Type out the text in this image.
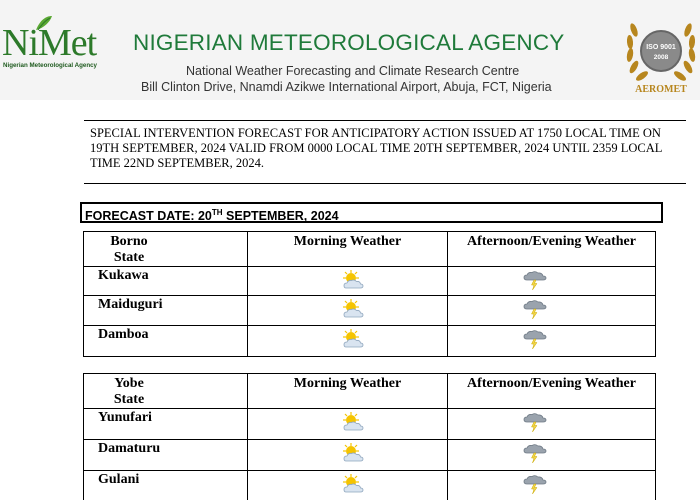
NiMet
Nigerian Meteorological Agency
NIGERIAN METEOROLOGICAL AGENCY
National Weather Forecasting and Climate Research Centre
Bill Clinton Drive, Nnamdi Azikwe International Airport, Abuja, FCT, Nigeria
ISO 9001
2008
AEROMET
SPECIAL INTERVENTION FORECAST FOR ANTICIPATORY ACTION ISSUED AT 1750 LOCAL TIME ON 19TH SEPTEMBER, 2024 VALID FROM 0000 LOCAL TIME 20TH SEPTEMBER, 2024 UNTIL 2359 LOCAL TIME 22ND SEPTEMBER, 2024.
FORECAST DATE: 20TH SEPTEMBER, 2024
Borno
State	Morning Weather	Afternoon/Evening Weather
Kukawa	

Maiduguri	

Damboa	

Yobe
State	Morning Weather	Afternoon/Evening Weather
Yunufari	

Damaturu	

Gulani	
